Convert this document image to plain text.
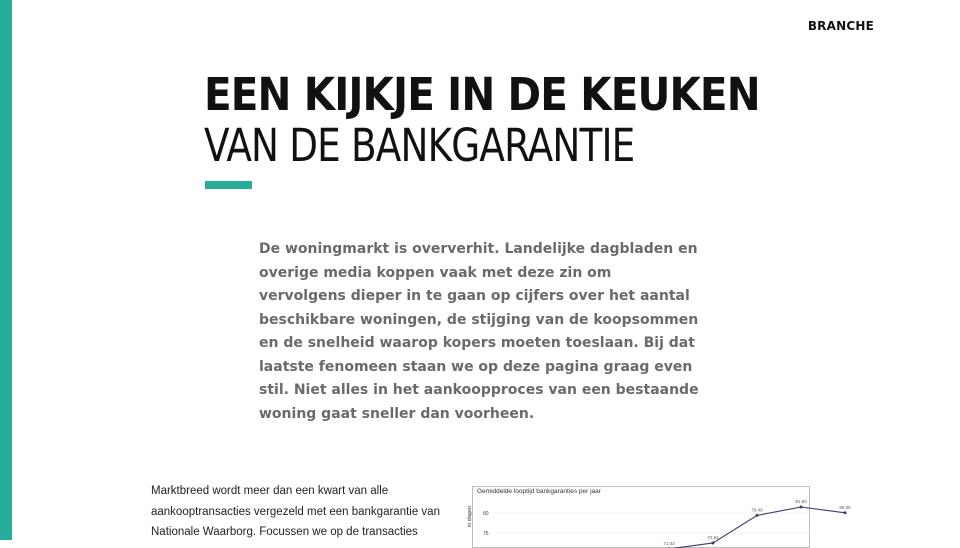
BRANCHE
EEN KIJKJE IN DE KEUKEN
VAN DE BANKGARANTIE

De woningmarkt is oververhit. Landelijke dagbladen en overige media koppen vaak met deze zin om vervolgens dieper in te gaan op cijfers over het aantal beschikbare woningen, de stijging van de koopsommen en de snelheid waarop kopers moeten toeslaan. Bij dat laatste fenomeen staan we op deze pagina graag even stil. Niet alles in het aankoopproces van een bestaande woning gaat sneller dan voorheen.

Marktbreed wordt meer dan een kwart van alle aankooptransacties vergezeld met een bankgarantie van Nationale Waarborg. Focussen we op de transacties

Gemiddelde looptijd bankgaranties per jaar
in dagen 80
75
71.02
72.51
79.40
81.50
80.05
